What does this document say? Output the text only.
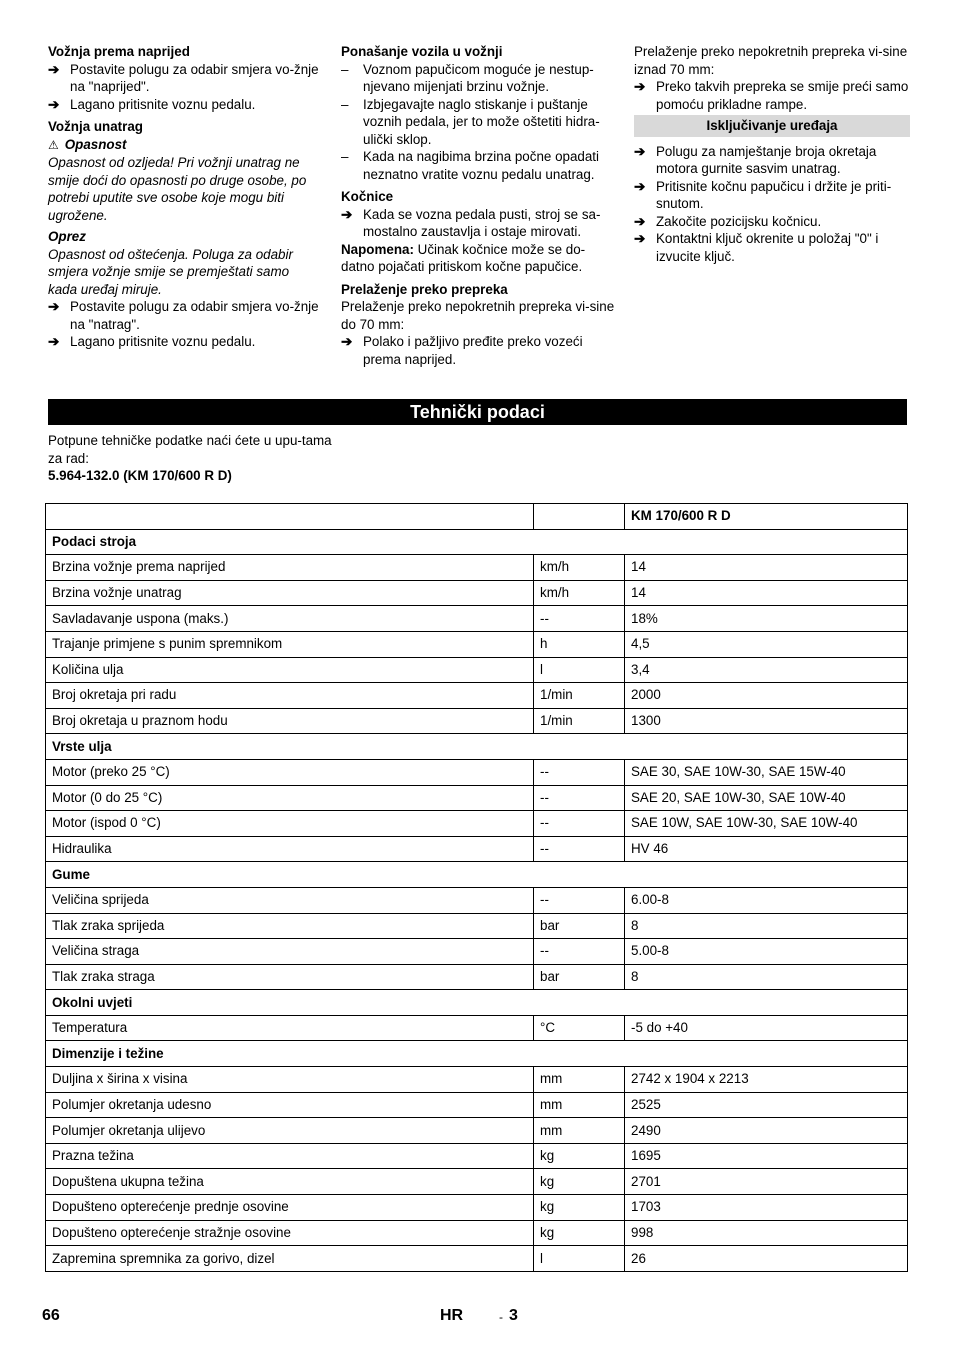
Vožnja prema naprijed
➔ Postavite polugu za odabir smjera vo-žnje na "naprijed".
➔ Lagano pritisnite voznu pedalu.
Vožnja unatrag
⚠ Opasnost

Opasnost od ozljeda! Pri vožnji unatrag ne smije doći do opasnosti po druge osobe, po potrebi uputite sve osobe koje mogu biti ugrožene.

Oprez

Opasnost od oštećenja. Poluga za odabir smjera vožnje smije se premještati samo kada uređaj miruje.

➔ Postavite polugu za odabir smjera vo-žnje na "natrag".
➔ Lagano pritisnite voznu pedalu.
Ponašanje vozila u vožnji
–	Voznom papučicom moguće je nestup-njevano mijenjati brzinu vožnje.
–	Izbjegavajte naglo stiskanje i puštanje voznih pedala, jer to može oštetiti hidra-ulički sklop.
–	Kada na nagibima brzina počne opadati neznatno vratite voznu pedalu unatrag.
Kočnice
➔ Kada se vozna pedala pusti, stroj se sa-mostalno zaustavlja i ostaje mirovati.

Napomena: Učinak kočnice može se do-datno pojačati pritiskom kočne papučice.

Prelaženje preko prepreka

Prelaženje preko nepokretnih prepreka vi-sine do 70 mm:

➔ Polako i pažljivo pređite preko vozeći prema naprijed.

Prelaženje preko nepokretnih prepreka vi-sine iznad 70 mm:

➔ Preko takvih prepreka se smije preći samo pomoću prikladne rampe.
Isključivanje uređaja
➔ Polugu za namještanje broja okretaja motora gurnite sasvim unatrag.
➔ Pritisnite kočnu papučicu i držite je priti-snutom.
➔ Zakočite pozicijsku kočnicu.
➔ Kontaktni ključ okrenite u položaj "0" i izvucite ključ.
Tehnički podaci

Potpune tehničke podatke naći ćete u upu-tama za rad:

5.964-132.0 (KM 170/600 R D)

		KM 170/600 R D
Podaci stroja		
Brzina vožnje prema naprijed	km/h	14
Brzina vožnje unatrag	km/h	14
Savladavanje uspona (maks.)	--	18%
Trajanje primjene s punim spremnikom	h	4,5
Količina ulja	l	3,4
Broj okretaja pri radu	1/min	2000
Broj okretaja u praznom hodu	1/min	1300
Vrste ulja		
Motor (preko 25 °C)	--	SAE 30, SAE 10W-30, SAE 15W-40
Motor (0 do 25 °C)	--	SAE 20, SAE 10W-30, SAE 10W-40
Motor (ispod 0 °C)	--	SAE 10W, SAE 10W-30, SAE 10W-40
Hidraulika	--	HV 46
Gume		
Veličina sprijeda	--	6.00-8
Tlak zraka sprijeda	bar	8
Veličina straga	--	5.00-8
Tlak zraka straga	bar	8
Okolni uvjeti		
Temperatura	°C	-5 do +40
Dimenzije i težine		
Duljina x širina x visina	mm	2742 x 1904 x 2213
Polumjer okretanja udesno	mm	2525
Polumjer okretanja ulijevo	mm	2490
Prazna težina	kg	1695
Dopuštena ukupna težina	kg	2701
Dopušteno opterećenje prednje osovine	kg	1703
Dopušteno opterećenje stražnje osovine	kg	998
Zapremina spremnika za gorivo, dizel	l	26
66	HR	- 3
